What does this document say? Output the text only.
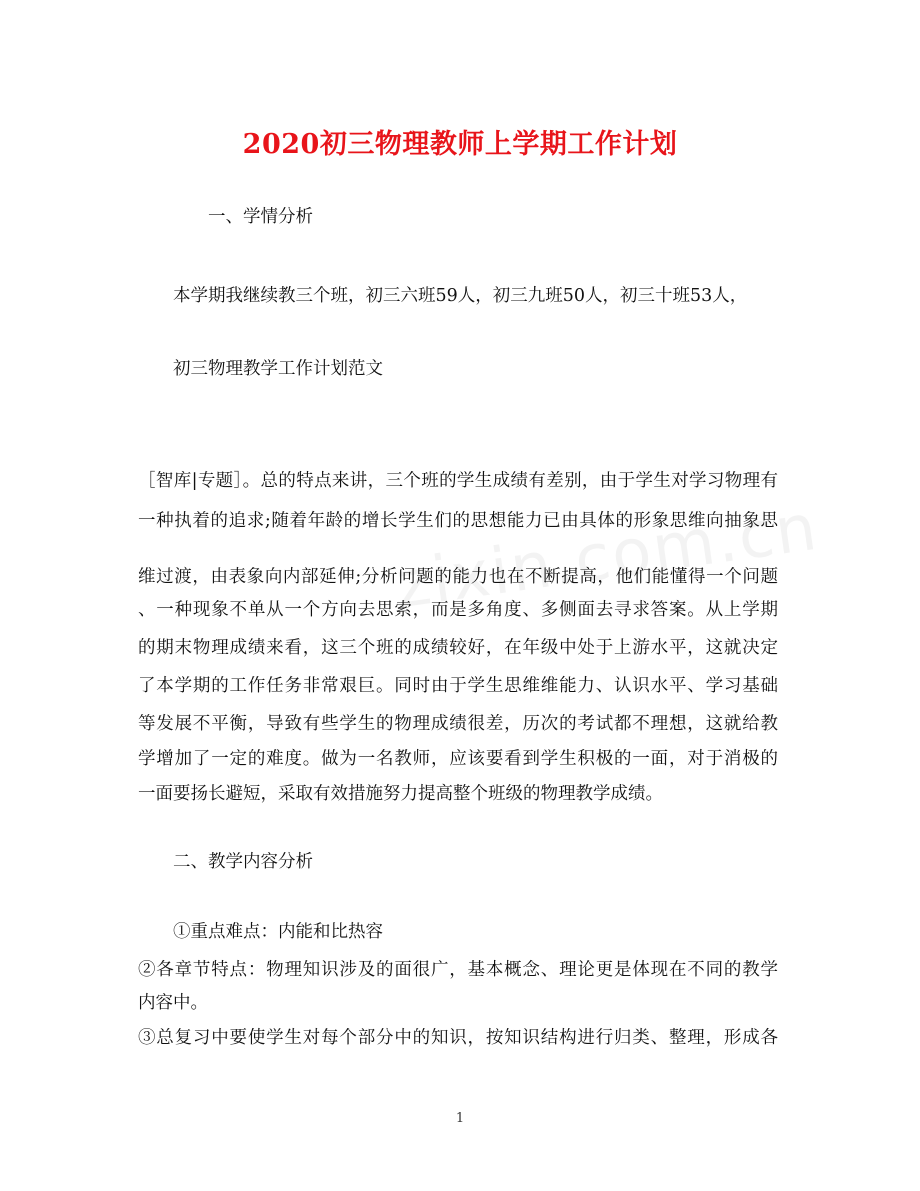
2020初三物理教师上学期工作计划
一、学情分析
本学期我继续教三个班，初三六班59人，初三九班50人，初三十班53人，
初三物理教学工作计划范文
［智库|专题］。总的特点来讲，三个班的学生成绩有差别，由于学生对学习物理有
一种执着的追求;随着年龄的增长学生们的思想能力已由具体的形象思维向抽象思
维过渡，由表象向内部延伸;分析问题的能力也在不断提高，他们能懂得一个问题
、一种现象不单从一个方向去思索，而是多角度、多侧面去寻求答案。从上学期
的期末物理成绩来看，这三个班的成绩较好，在年级中处于上游水平，这就决定
了本学期的工作任务非常艰巨。同时由于学生思维维能力、认识水平、学习基础
等发展不平衡，导致有些学生的物理成绩很差，历次的考试都不理想，这就给教
学增加了一定的难度。做为一名教师，应该要看到学生积极的一面，对于消极的
一面要扬长避短，采取有效措施努力提高整个班级的物理教学成绩。
二、教学内容分析
①重点难点：内能和比热容
②各章节特点：物理知识涉及的面很广，基本概念、理论更是体现在不同的教学
内容中。
③总复习中要使学生对每个部分中的知识，按知识结构进行归类、整理，形成各
1
